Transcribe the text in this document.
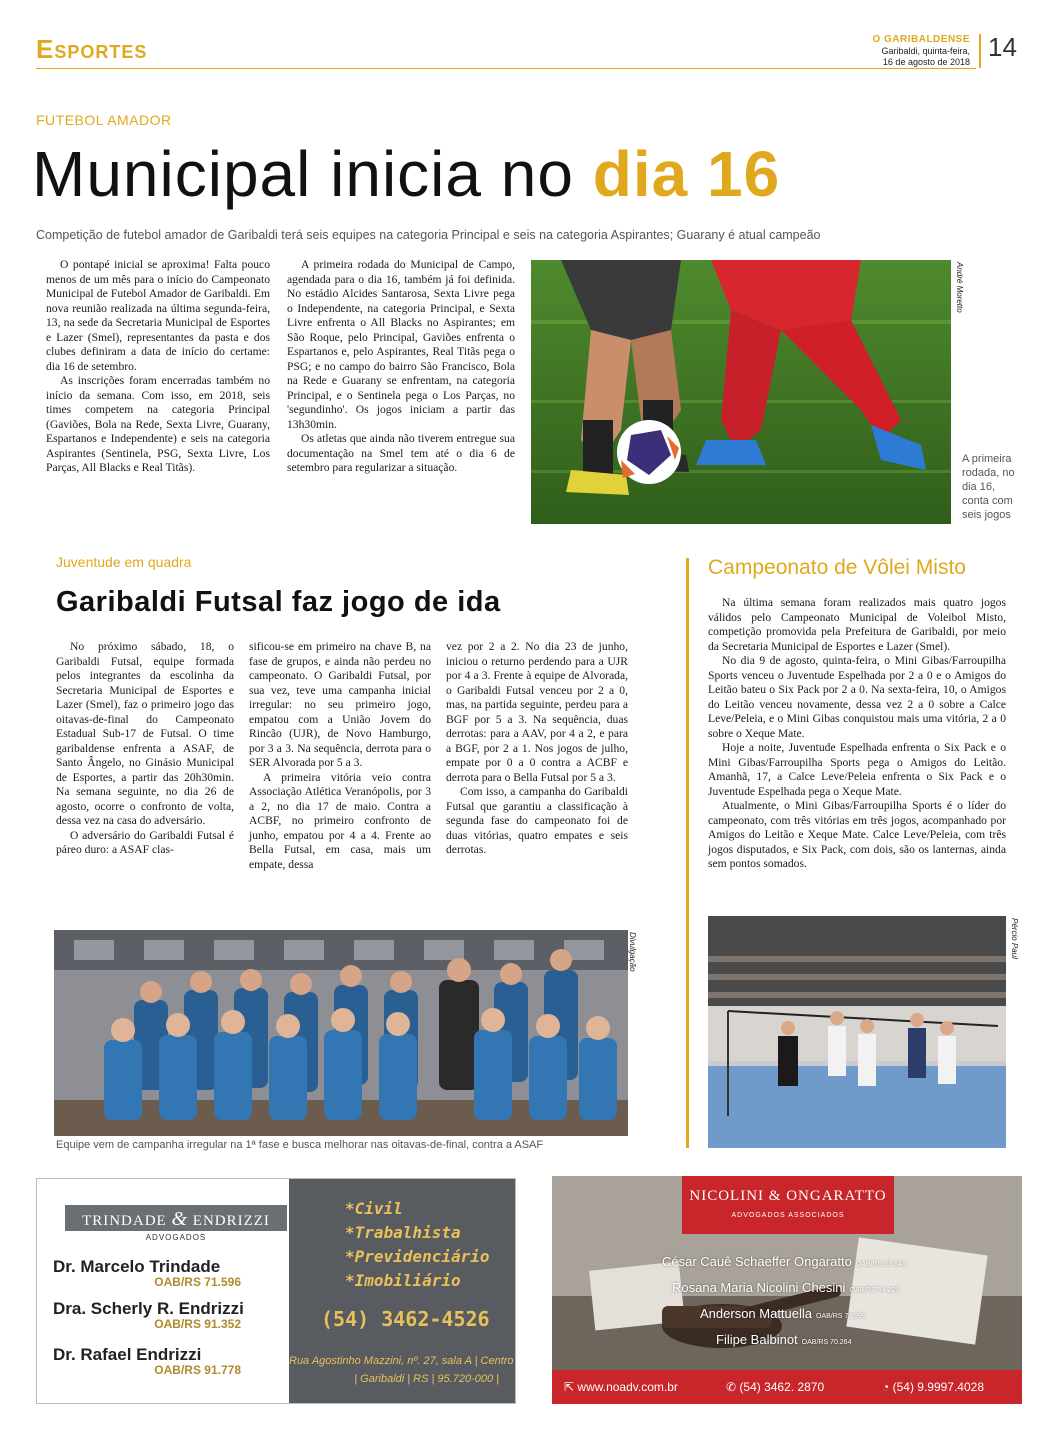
Esportes	O GARIBALDENSE
Garibaldi, quinta-feira,
16 de agosto de 2018 14
FUTEBOL AMADOR
Municipal inicia no dia 16
Competição de futebol amador de Garibaldi terá seis equipes na categoria Principal e seis na categoria Aspirantes; Guarany é atual campeão

O pontapé inicial se aproxima! Falta pouco menos de um mês para o início do Campeonato Municipal de Futebol Amador de Garibaldi. Em nova reunião realizada na última segunda-feira, 13, na sede da Secretaria Municipal de Esportes e Lazer (Smel), representantes da pasta e dos clubes definiram a data de início do certame: dia 16 de setembro.

As inscrições foram encerradas também no início da semana. Com isso, em 2018, seis times competem na categoria Principal (Gaviões, Bola na Rede, Sexta Livre, Guarany, Espartanos e Independente) e seis na categoria Aspirantes (Sentinela, PSG, Sexta Livre, Los Parças, All Blacks e Real Titãs).

A primeira rodada do Municipal de Campo, agendada para o dia 16, também já foi definida. No estádio Alcides Santarosa, Sexta Livre pega o Independente, na categoria Principal, e Sexta Livre enfrenta o All Blacks no Aspirantes; em São Roque, pelo Principal, Gaviões enfrenta o Espartanos e, pelo Aspirantes, Real Titãs pega o PSG; e no campo do bairro São Francisco, Bola na Rede e Guarany se enfrentam, na categoria Principal, e o Sentinela pega o Los Parças, no 'segundinho'. Os jogos iniciam a partir das 13h30min.

Os atletas que ainda não tiverem entregue sua documentação na Smel tem até o dia 6 de setembro para regularizar a situação.

André Moretto
A primeira rodada, no dia 16, conta com seis jogos
Juventude em quadra
Garibaldi Futsal faz jogo de ida

No próximo sábado, 18, o Garibaldi Futsal, equipe formada pelos integrantes da escolinha da Secretaria Municipal de Esportes e Lazer (Smel), faz o primeiro jogo das oitavas-de-final do Campeonato Estadual Sub-17 de Futsal. O time garibaldense enfrenta a ASAF, de Santo Ângelo, no Ginásio Municipal de Esportes, a partir das 20h30min. Na semana seguinte, no dia 26 de agosto, ocorre o confronto de volta, dessa vez na casa do adversário.

O adversário do Garibaldi Futsal é páreo duro: a ASAF clas-

sificou-se em primeiro na chave B, na fase de grupos, e ainda não perdeu no campeonato. O Garibaldi Futsal, por sua vez, teve uma campanha inicial irregular: no seu primeiro jogo, empatou com a União Jovem do Rincão (UJR), de Novo Hamburgo, por 3 a 3. Na sequência, derrota para o SER Alvorada por 5 a 3.

A primeira vitória veio contra Associação Atlética Veranópolis, por 3 a 2, no dia 17 de maio. Contra a ACBF, no primeiro confronto de junho, empatou por 4 a 4. Frente ao Bella Futsal, em casa, mais um empate, dessa

vez por 2 a 2. No dia 23 de junho, iniciou o returno perdendo para a UJR por 4 a 3. Frente à equipe de Alvorada, o Garibaldi Futsal venceu por 2 a 0, mas, na partida seguinte, perdeu para a BGF por 5 a 3. Na sequência, duas derrotas: para a AAV, por 4 a 2, e para a BGF, por 2 a 1. Nos jogos de julho, empate por 0 a 0 contra a ACBF e derrota para o Bella Futsal por 5 a 3.

Com isso, a campanha do Garibaldi Futsal que garantiu a classificação à segunda fase do campeonato foi de duas vitórias, quatro empates e seis derrotas.

Divulgação
Equipe vem de campanha irregular na 1ª fase e busca melhorar nas oitavas-de-final, contra a ASAF
Campeonato de Vôlei Misto

Na última semana foram realizados mais quatro jogos válidos pelo Campeonato Municipal de Voleibol Misto, competição promovida pela Prefeitura de Garibaldi, por meio da Secretaria Municipal de Esportes e Lazer (Smel).

No dia 9 de agosto, quinta-feira, o Mini Gibas/Farroupilha Sports venceu o Juventude Espelhada por 2 a 0 e o Amigos do Leitão bateu o Six Pack por 2 a 0. Na sexta-feira, 10, o Amigos do Leitão venceu novamente, dessa vez 2 a 0 sobre a Calce Leve/Peleia, e o Mini Gibas conquistou mais uma vitória, 2 a 0 sobre o Xeque Mate.

Hoje a noite, Juventude Espelhada enfrenta o Six Pack e o Mini Gibas/Farroupilha Sports pega o Amigos do Leitão. Amanhã, 17, a Calce Leve/Peleia enfrenta o Six Pack e o Juventude Espelhada pega o Xeque Mate.

Atualmente, o Mini Gibas/Farroupilha Sports é o líder do campeonato, com três vitórias em três jogos, acompanhado por Amigos do Leitão e Xeque Mate. Calce Leve/Peleia, com três jogos disputados, e Six Pack, com dois, são os lanternas, ainda sem pontos somados.

Pércio Paul
TRINDADE & ENDRIZZI
ADVOGADOS
Dr. Marcelo Trindade
OAB/RS 71.596
Dra. Scherly R. Endrizzi
OAB/RS 91.352
Dr. Rafael Endrizzi
OAB/RS 91.778
*Civil
*Trabalhista
*Previdenciário
*Imobiliário
(54) 3462-4526
Rua Agostinho Mazzini, nº. 27, sala A | Centro
| Garibaldi | RS | 95.720-000 |
NICOLINI & ONGARATTO
ADVOGADOS ASSOCIADOS
César Cauê Schaeffer Ongaratto OAB/RS 53.943
Rosana Maria Nicolini Chesini OAB/RS 54.228
Anderson Mattuella OAB/RS 75.999
Filipe Balbinot OAB/RS 70.264
⇱ www.noadv.com.br	✆ (54) 3462. 2870	◔ (54) 9.9997.4028
